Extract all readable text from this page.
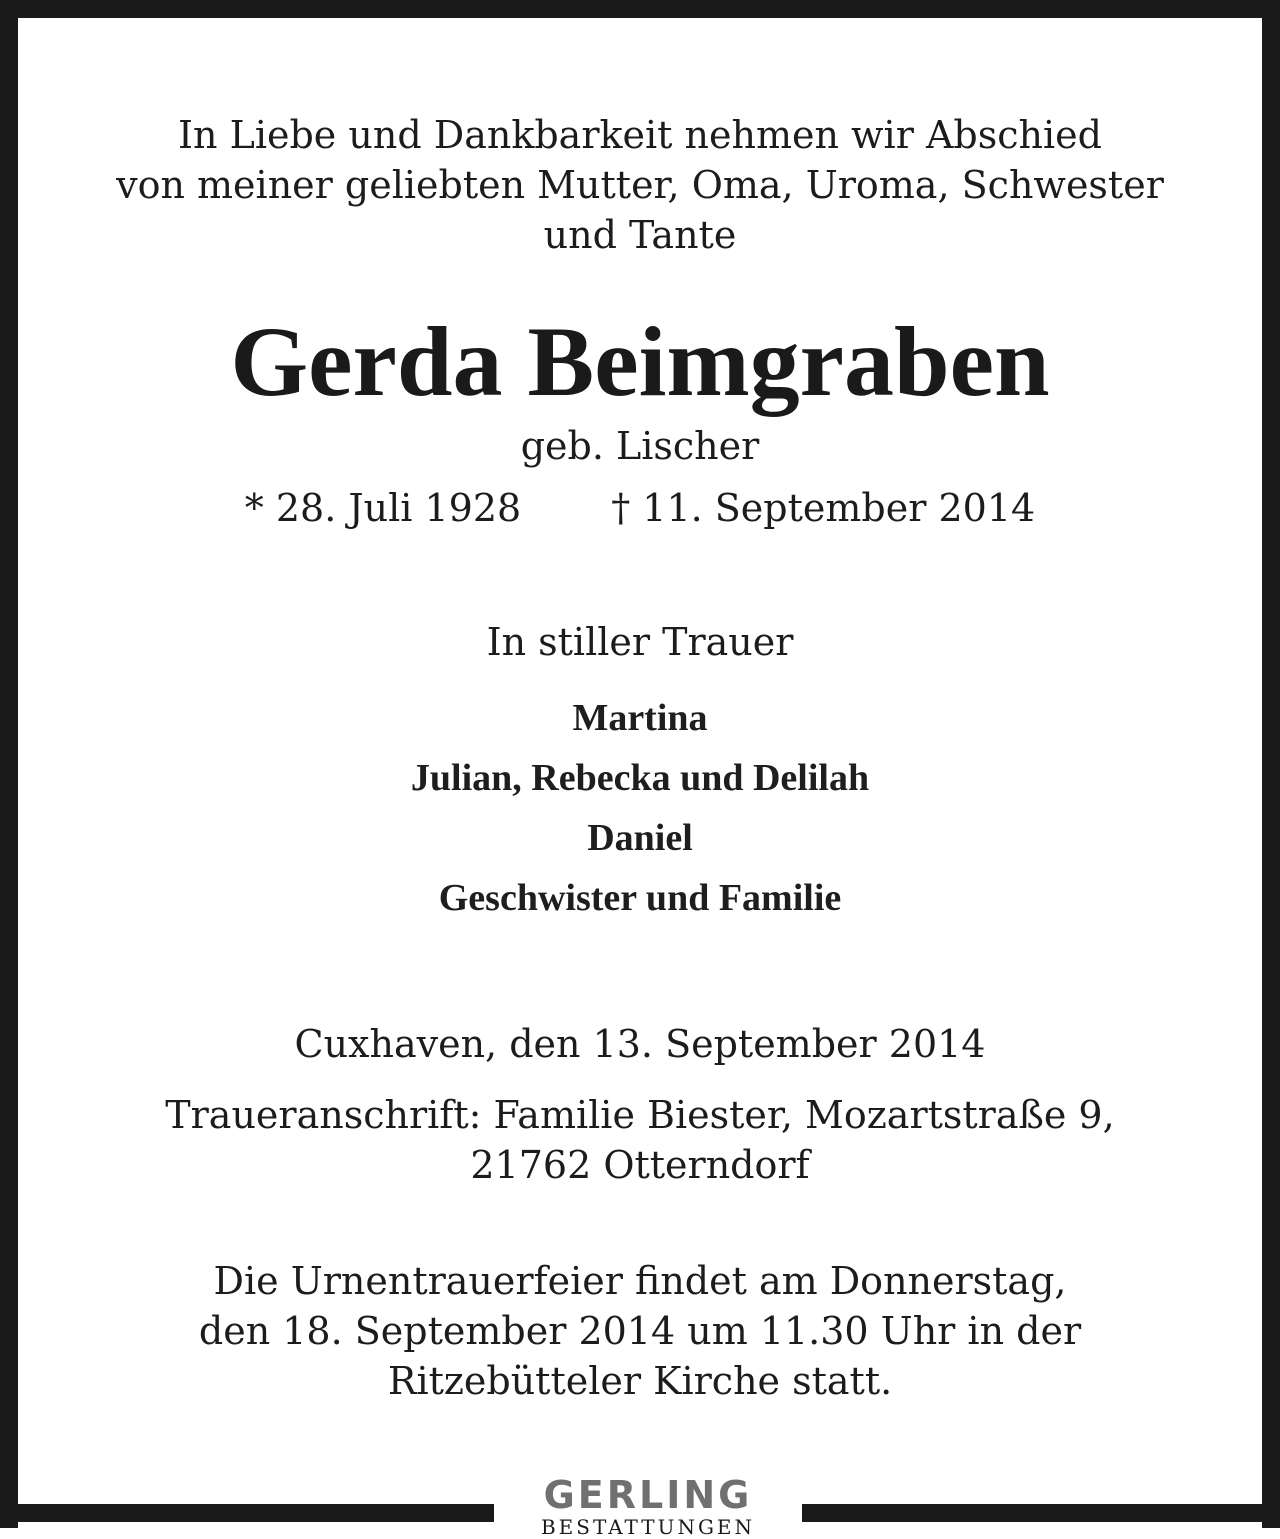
In Liebe und Dankbarkeit nehmen wir Abschied
von meiner geliebten Mutter, Oma, Uroma, Schwester
und Tante
Gerda Beimgraben
geb. Lischer
* 28. Juli 1928 † 11. September 2014
In stiller Trauer
Martina
Julian, Rebecka und Delilah
Daniel
Geschwister und Familie
Cuxhaven, den 13. September 2014
Traueranschrift: Familie Biester, Mozartstraße 9,
21762 Otterndorf
Die Urnentrauerfeier findet am Donnerstag,
den 18. September 2014 um 11.30 Uhr in der
Ritzebütteler Kirche statt.
GERLING
BESTATTUNGEN
